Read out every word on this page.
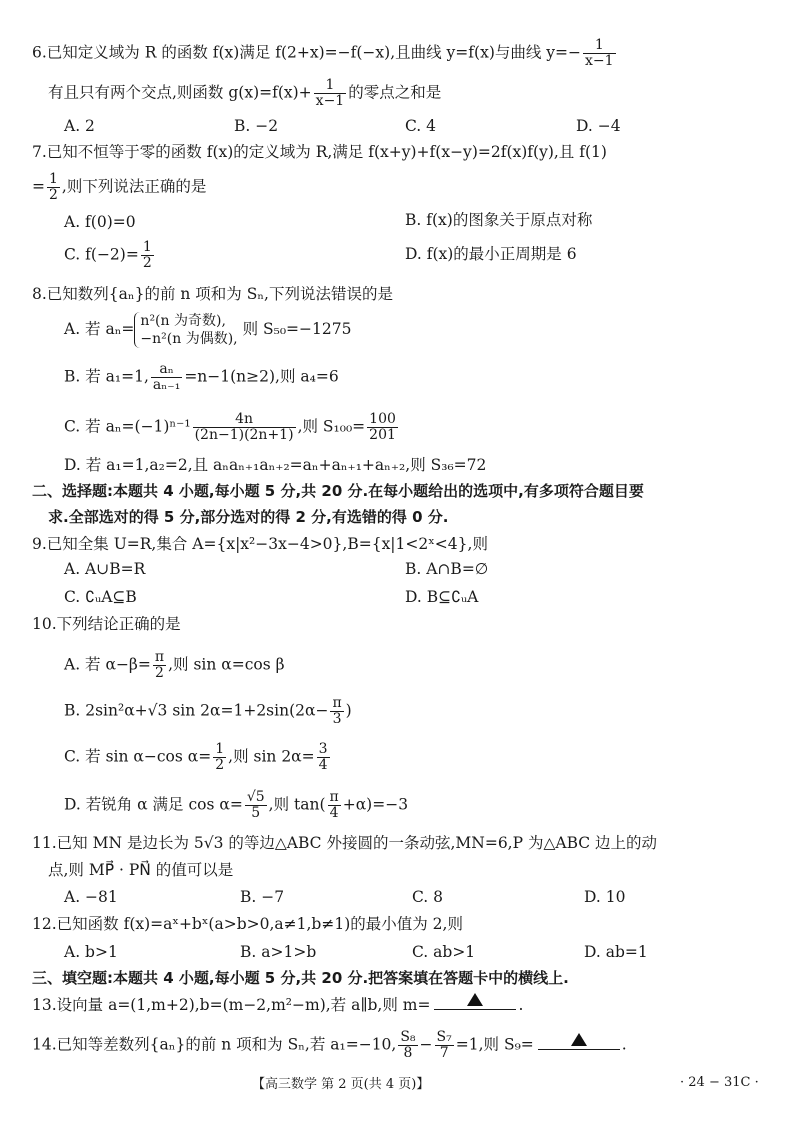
6.已知定义域为 R 的函数 f(x)满足 f(2+x)=−f(−x),且曲线 y=f(x)与曲线 $y=- \frac{1}{x-1}$
有且只有两个交点,则函数 $g(x)=f(x)+ \frac{1}{x-1}$ 的零点之和是
A. 2	B. −2	C. 4	D. −4
7.已知不恒等于零的函数 f(x)的定义域为 R,满足 f(x+y)+f(x−y)=2f(x)f(y),且 f(1)
= $\frac{1}{2}$ ,则下列说法正确的是
A. f(0)=0	B. f(x)的图象关于原点对称
C. $f(-2)= \frac{1}{2}$	D. f(x)的最小正周期是 6
8.已知数列{aₙ}的前 n 项和为 Sₙ,下列说法错误的是
A. 若 aₙ= n²(n 为奇数),
−n²(n 为偶数),
则 S₅₀=−1275
B. 若 a₁=1, $\frac{\text{aₙ}}{\text{aₙ₋₁}} =n-1(n\ge 2)$,则 a₄=6
C. 若 $a_n=(-1)^{n-1} \frac{4n}{(2n-1)(2n+1)}$ ,则 $S_{100}= \frac{100}{201}$
D. 若 a₁=1,a₂=2,且 aₙaₙ₊₁aₙ₊₂=aₙ+aₙ₊₁+aₙ₊₂,则 S₃₆=72
二、选择题:本题共 4 小题,每小题 5 分,共 20 分.在每小题给出的选项中,有多项符合题目要
求.全部选对的得 5 分,部分选对的得 2 分,有选错的得 0 分.
9.已知全集 U=R,集合 A={x|x²−3x−4>0},B={x|1<2ˣ<4},则
A. A∪B=R	B. A∩B=∅
C. ∁ᵤA⊆B	D. B⊆∁ᵤA
10.下列结论正确的是
A. 若 $\alpha-\beta= \frac{\pi}{2}$ ,则 sin α=cos β
B. 2sin²α+√3 $\sin 2\alpha=1+2\sin(2\alpha- \frac{\pi}{3}$ )
C. 若 sin α−cos $\alpha= \frac{1}{2}$ ,则 $\sin 2\alpha= \frac{3}{4}$
D. 若锐角 α 满足 $\cos \alpha= \frac{√5}{5}$ ,则 $\tan( \frac{\pi}{4} +\alpha)=-3$
11.已知 MN 是边长为 5√3 的等边△ABC 外接圆的一条动弦,MN=6,P 为△ABC 边上的动
点,则 MP⃗ · PN⃗ 的值可以是
A. −81	B. −7	C. 8	D. 10
12.已知函数 f(x)=aˣ+bˣ(a>b>0,a≠1,b≠1)的最小值为 2,则
A. b>1	B. a>1>b	C. ab>1	D. ab=1
三、填空题:本题共 4 小题,每小题 5 分,共 20 分.把答案填在答题卡中的横线上.
13.设向量 a=(1,m+2),b=(m−2,m²−m),若 a∥b,则 m=	.
14.已知等差数列{aₙ}的前 n 项和为 Sₙ,若 a₁=−10, $\frac{\text{S₈}}{8} - \frac{\text{S₇}}{7} =1$,则 S₉=	.
【高三数学 第 2 页(共 4 页)】	· 24 − 31C ·
